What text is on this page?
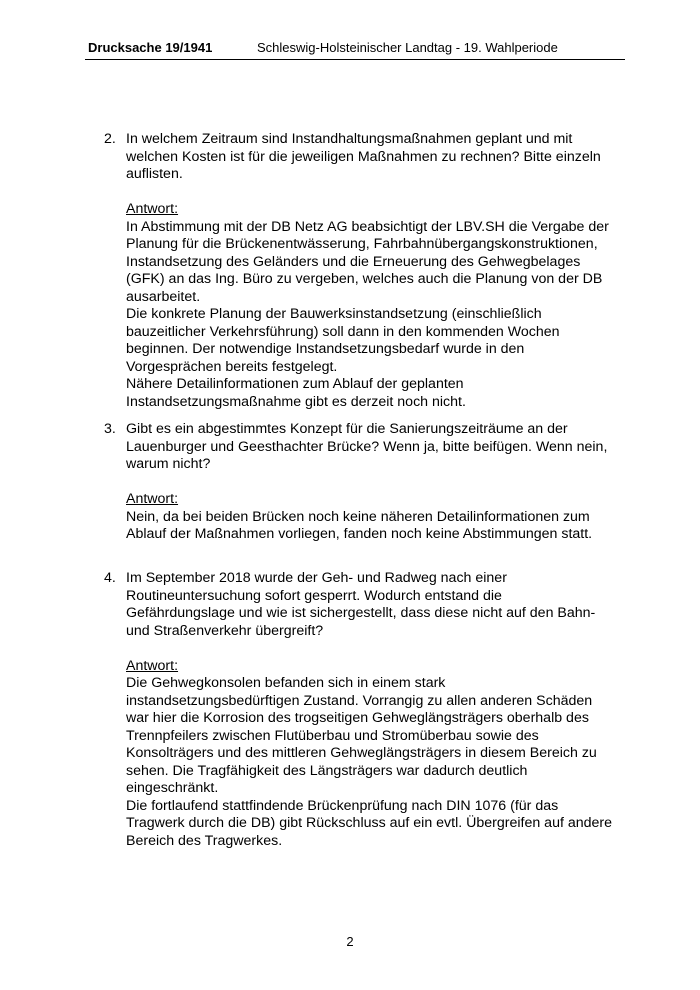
Drucksache 19/1941	Schleswig-Holsteinischer Landtag - 19. Wahlperiode
2. In welchem Zeitraum sind Instandhaltungsmaßnahmen geplant und mit welchen Kosten ist für die jeweiligen Maßnahmen zu rechnen? Bitte einzeln auflisten.

Antwort:

In Abstimmung mit der DB Netz AG beabsichtigt der LBV.SH die Vergabe der Planung für die Brückenentwässerung, Fahrbahnübergangskonstruktionen, Instandsetzung des Geländers und die Erneuerung des Gehwegbelages (GFK) an das Ing. Büro zu vergeben, welches auch die Planung von der DB ausarbeitet.

Die konkrete Planung der Bauwerksinstandsetzung (einschließlich bauzeitlicher Verkehrsführung) soll dann in den kommenden Wochen beginnen. Der notwendige Instandsetzungsbedarf wurde in den Vorgesprächen bereits festgelegt.

Nähere Detailinformationen zum Ablauf der geplanten Instandsetzungsmaßnahme gibt es derzeit noch nicht.

3. Gibt es ein abgestimmtes Konzept für die Sanierungszeiträume an der Lauenburger und Geesthachter Brücke? Wenn ja, bitte beifügen. Wenn nein, warum nicht?

Antwort:

Nein, da bei beiden Brücken noch keine näheren Detailinformationen zum Ablauf der Maßnahmen vorliegen, fanden noch keine Abstimmungen statt.

4. Im September 2018 wurde der Geh- und Radweg nach einer Routineuntersuchung sofort gesperrt. Wodurch entstand die Gefährdungslage und wie ist sichergestellt, dass diese nicht auf den Bahn- und Straßenverkehr übergreift?

Antwort:

Die Gehwegkonsolen befanden sich in einem stark instandsetzungsbedürftigen Zustand. Vorrangig zu allen anderen Schäden war hier die Korrosion des trogseitigen Gehweglängsträgers oberhalb des Trennpfeilers zwischen Flutüberbau und Stromüberbau sowie des Konsolträgers und des mittleren Gehweglängsträgers in diesem Bereich zu sehen. Die Tragfähigkeit des Längsträgers war dadurch deutlich eingeschränkt.

Die fortlaufend stattfindende Brückenprüfung nach DIN 1076 (für das Tragwerk durch die DB) gibt Rückschluss auf ein evtl. Übergreifen auf andere Bereich des Tragwerkes.

2
